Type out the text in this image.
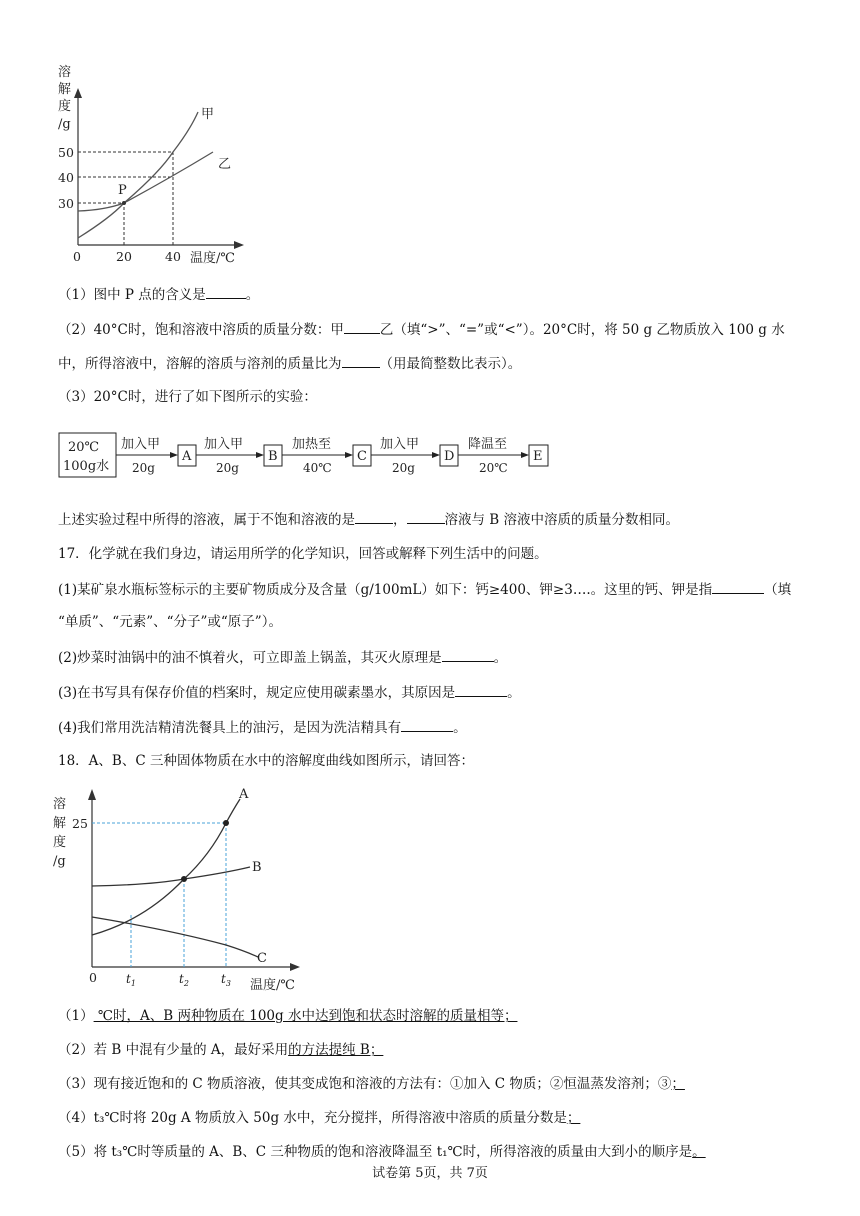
溶
解
度
/g
50
40
30
0	20	40 温度/℃
P
甲
乙
（1）图中 P 点的含义是	。
（2）40°C时，饱和溶液中溶质的质量分数：甲	乙（填“>”、“=”或“<”）。20°C时，将 50 g 乙物质放入 100 g 水
中，所得溶液中，溶解的溶质与溶剂的质量比为	（用最简整数比表示）。
（3）20°C时，进行了如下图所示的实验：
20℃
100g水
加入甲
20g
A
加入甲
20g
B
加热至
40℃
C
加入甲
20g
D
降温至
20℃
E
上述实验过程中所得的溶液，属于不饱和溶液的是	，	溶液与 B 溶液中溶质的质量分数相同。
17．化学就在我们身边，请运用所学的化学知识，回答或解释下列生活中的问题。
(1)某矿泉水瓶标签标示的主要矿物质成分及含量（g/100mL）如下：钙≥400、钾≥3….。这里的钙、钾是指	（填
“单质”、“元素”、“分子”或“原子”）。
(2)炒菜时油锅中的油不慎着火，可立即盖上锅盖，其灭火原理是	。
(3)在书写具有保存价值的档案时，规定应使用碳素墨水，其原因是	。
(4)我们常用洗洁精清洗餐具上的油污，是因为洗洁精具有	。
18．A、B、C 三种固体物质在水中的溶解度曲线如图所示，请回答：
溶
解
度
/g
25
A
B
C
0 $t_1$	$t_2$	$t_3$ 温度/℃
（1） ℃时，A、B 两种物质在 100g 水中达到饱和状态时溶解的质量相等；
（2）若 B 中混有少量的 A，最好采用的方法提纯 B；
（3）现有接近饱和的 C 物质溶液，使其变成饱和溶液的方法有：①加入 C 物质；②恒温蒸发溶剂；③；
（4）t₃℃时将 20g A 物质放入 50g 水中，充分搅拌，所得溶液中溶质的质量分数是；
（5）将 t₃℃时等质量的 A、B、C 三种物质的饱和溶液降温至 t₁℃时，所得溶液的质量由大到小的顺序是。
试卷第 5页，共 7页
